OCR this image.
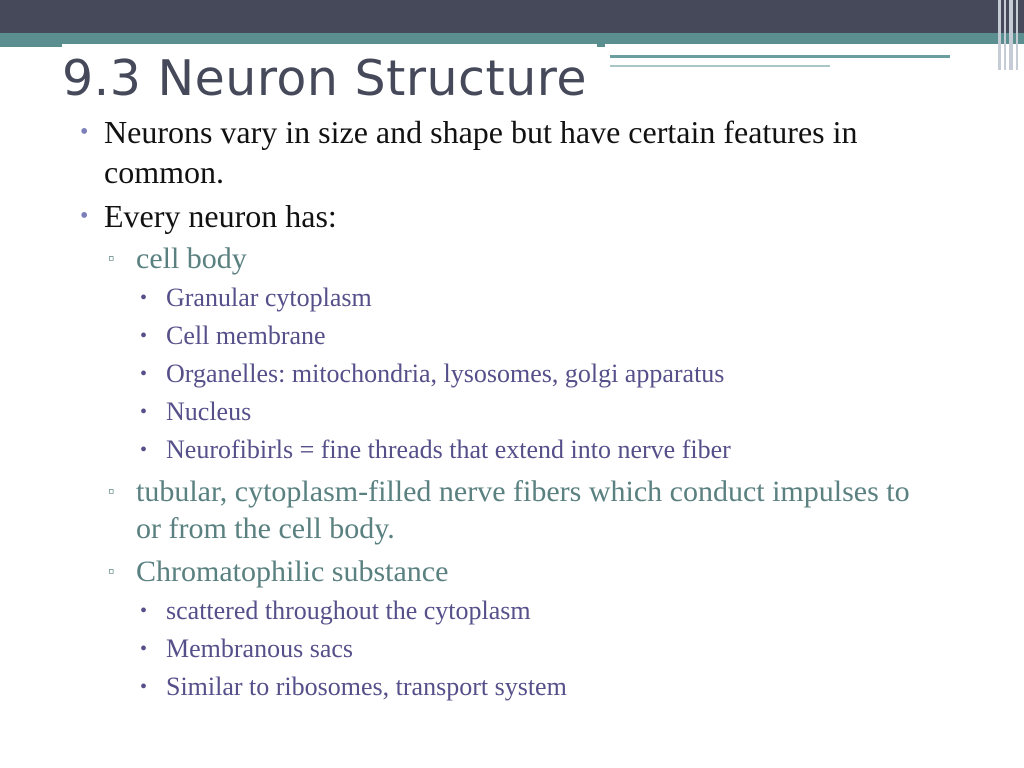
9.3 Neuron Structure

• Neurons vary in size and shape but have certain features in common.

• Every neuron has:

▫ cell body

• Granular cytoplasm

• Cell membrane

• Organelles: mitochondria, lysosomes, golgi apparatus

• Nucleus

• Neurofibirls = fine threads that extend into nerve fiber

▫ tubular, cytoplasm-filled nerve fibers which conduct impulses to or from the cell body.

▫ Chromatophilic substance

• scattered throughout the cytoplasm

• Membranous sacs

• Similar to ribosomes, transport system
